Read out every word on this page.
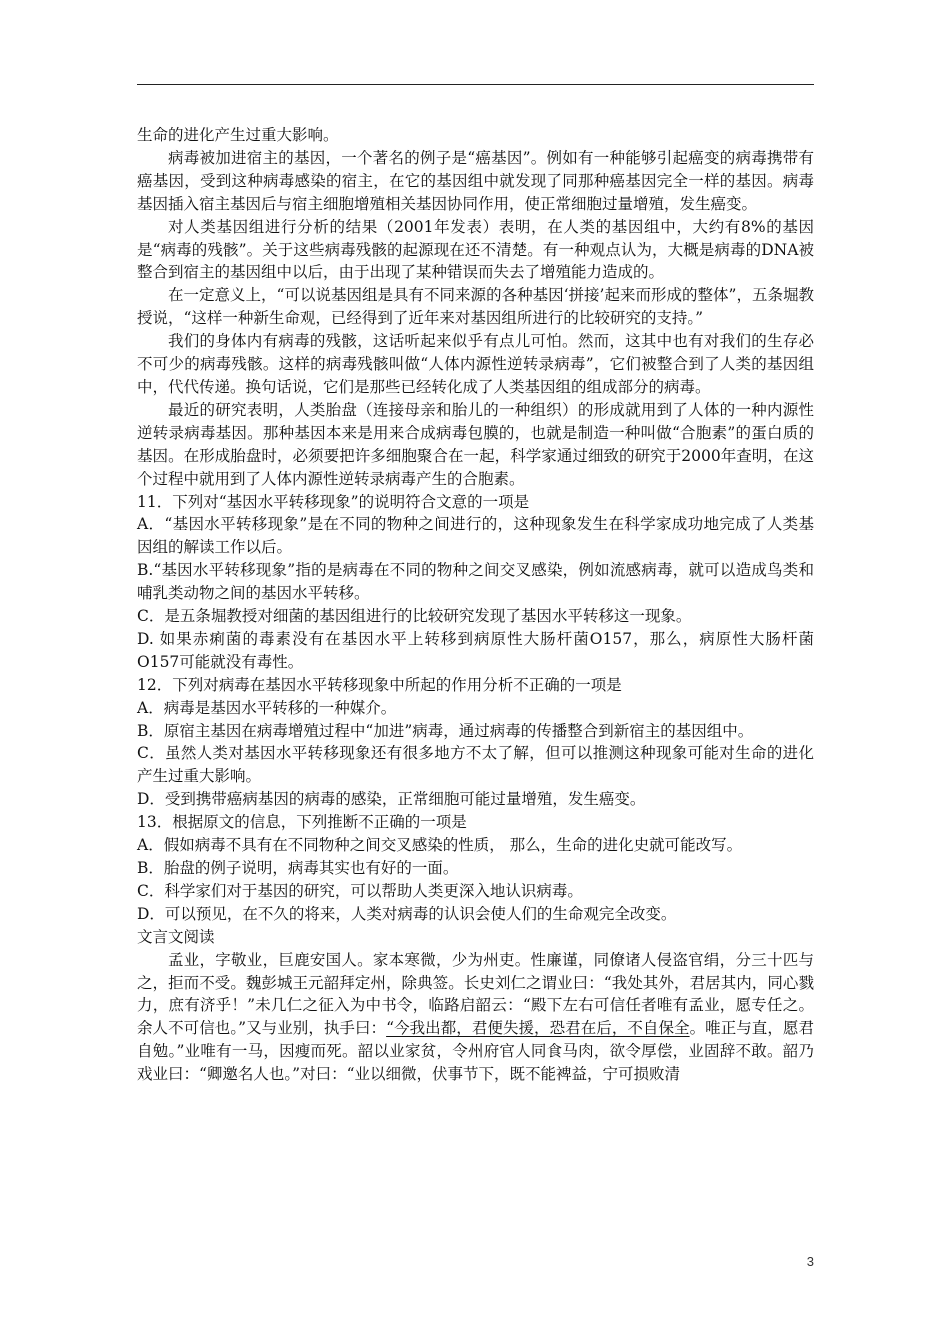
生命的进化产生过重大影响。

病毒被加进宿主的基因，一个著名的例子是“癌基因”。例如有一种能够引起癌变的病毒携带有癌基因，受到这种病毒感染的宿主，在它的基因组中就发现了同那种癌基因完全一样的基因。病毒基因插入宿主基因后与宿主细胞增殖相关基因协同作用，使正常细胞过量增殖，发生癌变。

对人类基因组进行分析的结果（2001年发表）表明，在人类的基因组中，大约有8%的基因是“病毒的残骸”。关于这些病毒残骸的起源现在还不清楚。有一种观点认为，大概是病毒的DNA被整合到宿主的基因组中以后，由于出现了某种错误而失去了增殖能力造成的。

在一定意义上，“可以说基因组是具有不同来源的各种基因‘拼接’起来而形成的整体”，五条堀教授说，“这样一种新生命观，已经得到了近年来对基因组所进行的比较研究的支持。”

我们的身体内有病毒的残骸，这话听起来似乎有点儿可怕。然而，这其中也有对我们的生存必不可少的病毒残骸。这样的病毒残骸叫做“人体内源性逆转录病毒”，它们被整合到了人类的基因组中，代代传递。换句话说，它们是那些已经转化成了人类基因组的组成部分的病毒。

最近的研究表明，人类胎盘（连接母亲和胎儿的一种组织）的形成就用到了人体的一种内源性逆转录病毒基因。那种基因本来是用来合成病毒包膜的，也就是制造一种叫做“合胞素”的蛋白质的基因。在形成胎盘时，必须要把许多细胞聚合在一起，科学家通过细致的研究于2000年查明，在这个过程中就用到了人体内源性逆转录病毒产生的合胞素。

11．下列对“基因水平转移现象”的说明符合文意的一项是

A．“基因水平转移现象”是在不同的物种之间进行的，这种现象发生在科学家成功地完成了人类基因组的解读工作以后。

B.“基因水平转移现象”指的是病毒在不同的物种之间交叉感染，例如流感病毒，就可以造成鸟类和哺乳类动物之间的基因水平转移。

C．是五条堀教授对细菌的基因组进行的比较研究发现了基因水平转移这一现象。

D. 如果赤痢菌的毒素没有在基因水平上转移到病原性大肠杆菌O157，那么，病原性大肠杆菌O157可能就没有毒性。

12．下列对病毒在基因水平转移现象中所起的作用分析不正确的一项是

A．病毒是基因水平转移的一种媒介。

B．原宿主基因在病毒增殖过程中“加进”病毒，通过病毒的传播整合到新宿主的基因组中。

C．虽然人类对基因水平转移现象还有很多地方不太了解，但可以推测这种现象可能对生命的进化产生过重大影响。

D．受到携带癌病基因的病毒的感染，正常细胞可能过量增殖，发生癌变。

13．根据原文的信息，下列推断不正确的一项是

A．假如病毒不具有在不同物种之间交叉感染的性质， 那么，生命的进化史就可能改写。

B．胎盘的例子说明，病毒其实也有好的一面。

C．科学家们对于基因的研究，可以帮助人类更深入地认识病毒。

D．可以预见，在不久的将来，人类对病毒的认识会使人们的生命观完全改变。

文言文阅读

孟业，字敬业，巨鹿安国人。家本寒微，少为州吏。性廉谨，同僚诸人侵盗官绢，分三十匹与之，拒而不受。魏彭城王元韶拜定州，除典签。长史刘仁之谓业曰：“我处其外，君居其内，同心戮力，庶有济乎！”未几仁之征入为中书令，临路启韶云：“殿下左右可信任者唯有孟业，愿专任之。余人不可信也。”又与业别，执手曰：“今我出都，君便失援，恐君在后，不自保全。唯正与直，愿君自勉。”业唯有一马，因瘦而死。韶以业家贫，令州府官人同食马肉，欲令厚偿，业固辞不敢。韶乃戏业曰：“卿邀名人也。”对曰：“业以细微，伏事节下，既不能裨益，宁可损败清

3
